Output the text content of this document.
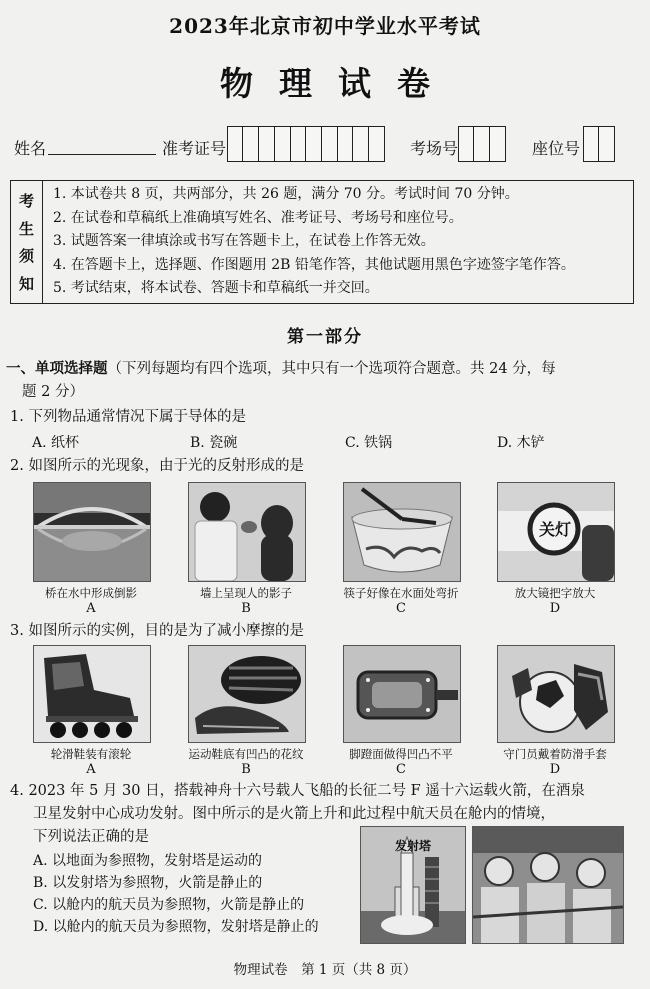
2023年北京市初中学业水平考试
物理试卷
姓名	准考证号	考场号	座位号
考
生
须
知
1. 本试卷共 8 页，共两部分，共 26 题，满分 70 分。考试时间 70 分钟。
2. 在试卷和草稿纸上准确填写姓名、准考证号、考场号和座位号。
3. 试题答案一律填涂或书写在答题卡上，在试卷上作答无效。
4. 在答题卡上，选择题、作图题用 2B 铅笔作答，其他试题用黑色字迹签字笔作答。
5. 考试结束，将本试卷、答题卡和草稿纸一并交回。
第一部分
一、单项选择题（下列每题均有四个选项，其中只有一个选项符合题意。共 24 分，每
题 2 分）
1. 下列物品通常情况下属于导体的是
A. 纸杯	B. 瓷碗	C. 铁锅	D. 木铲
2. 如图所示的光现象，由于光的反射形成的是
关灯
桥在水中形成倒影	墙上呈现人的影子	筷子好像在水面处弯折	放大镜把字放大
A	B	C	D
3. 如图所示的实例，目的是为了减小摩擦的是
轮滑鞋装有滚轮	运动鞋底有凹凸的花纹	脚蹬面做得凹凸不平	守门员戴着防滑手套
A	B	C	D
4. 2023 年 5 月 30 日，搭载神舟十六号载人飞船的长征二号 F 遥十六运载火箭，在酒泉
卫星发射中心成功发射。图中所示的是火箭上升和此过程中航天员在舱内的情境，
下列说法正确的是
A. 以地面为参照物，发射塔是运动的
B. 以发射塔为参照物，火箭是静止的
C. 以舱内的航天员为参照物，火箭是静止的
D. 以舱内的航天员为参照物，发射塔是静止的
发射塔
物理试卷　第 1 页（共 8 页）
